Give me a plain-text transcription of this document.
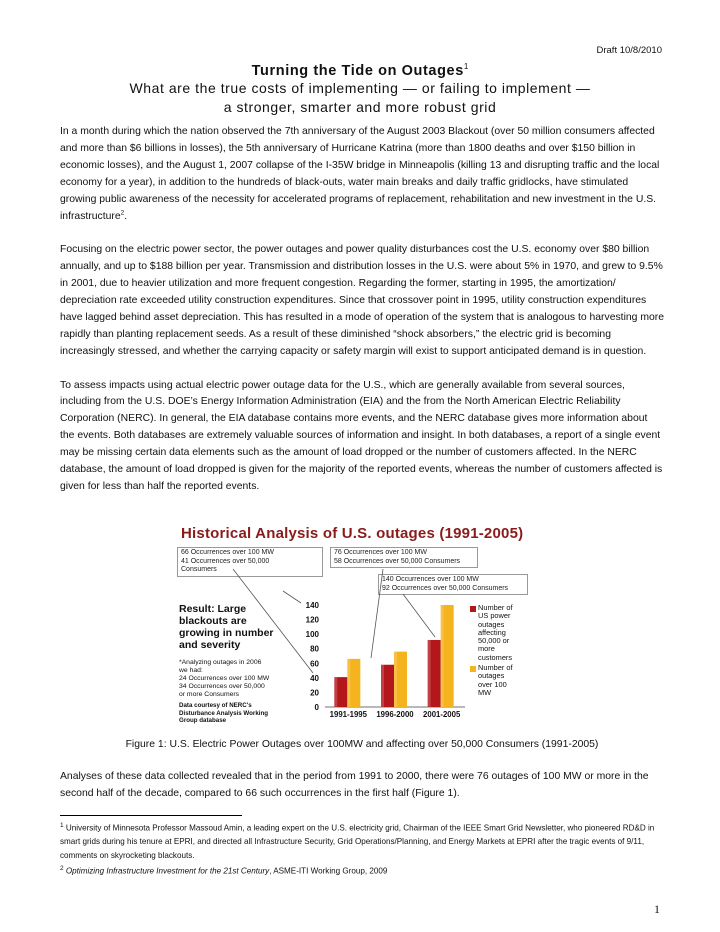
Draft 10/8/2010
Turning the Tide on Outages$^1$
What are the true costs of implementing — or failing to implement —
a stronger, smarter and more robust grid

In a month during which the nation observed the 7th anniversary of the August 2003 Blackout (over 50 million consumers affected and more than $6 billions in losses), the 5th anniversary of Hurricane Katrina (more than 1800 deaths and over $150 billion in economic losses), and the August 1, 2007 collapse of the I-35W bridge in Minneapolis (killing 13 and disrupting traffic and the local economy for a year), in addition to the hundreds of black-outs, water main breaks and daily traffic gridlocks, have stimulated growing public awareness of the necessity for accelerated programs of replacement, rehabilitation and new investment in the U.S. infrastructure$^2$.

Focusing on the electric power sector, the power outages and power quality disturbances cost the U.S. economy over $80 billion annually, and up to $188 billion per year. Transmission and distribution losses in the U.S. were about 5% in 1970, and grew to 9.5% in 2001, due to heavier utilization and more frequent congestion. Regarding the former, starting in 1995, the amortization/ depreciation rate exceeded utility construction expenditures. Since that crossover point in 1995, utility construction expenditures have lagged behind asset depreciation. This has resulted in a mode of operation of the system that is analogous to harvesting more rapidly than planting replacement seeds. As a result of these diminished “shock absorbers,” the electric grid is becoming increasingly stressed, and whether the carrying capacity or safety margin will exist to support anticipated demand is in question.

To assess impacts using actual electric power outage data for the U.S., which are generally available from several sources, including from the U.S. DOE’s Energy Information Administration (EIA) and the from the North American Electric Reliability Corporation (NERC). In general, the EIA database contains more events, and the NERC database gives more information about the events. Both databases are extremely valuable sources of information and insight. In both databases, a report of a single event may be missing certain data elements such as the amount of load dropped or the number of customers affected. In the NERC database, the amount of load dropped is given for the majority of the reported events, whereas the number of customers affected is given for less than half the reported events.

Historical Analysis of U.S. outages (1991-2005)
66 Occurrences over 100 MW
41 Occurrences over 50,000
Consumers
76 Occurrences over 100 MW
58 Occurrences over 50,000 Consumers
140 Occurrences over 100 MW
92 Occurrences over 50,000 Consumers
Result: Large
blackouts are
growing in number
and severity
*Analyzing outages in 2006
we had:
24 Occurrences over 100 MW
34 Occurrences over 50,000
or more Consumers
Data courtesy of NERC's
Disturbance Analysis Working
Group database
0
20
40
60
80
100
120
140
1991-1995 1996-2000 2001-2005
Number of
US power
outages
affecting
50,000 or
more
customers
Number of
outages
over 100
MW
Figure 1: U.S. Electric Power Outages over 100MW and affecting over 50,000 Consumers (1991-2005)
Analyses of these data collected revealed that in the period from 1991 to 2000, there were 76 outages of 100 MW or more in the second half of the decade, compared to 66 such occurrences in the first half (Figure 1).
$^1$ University of Minnesota Professor Massoud Amin, a leading expert on the U.S. electricity grid, Chairman of the IEEE Smart Grid Newsletter, who pioneered RD&D in smart grids during his tenure at EPRI, and directed all Infrastructure Security, Grid Operations/Planning, and Energy Markets at EPRI after the tragic events of 9/11, comments on skyrocketing blackouts.
$^2$ Optimizing Infrastructure Investment for the 21st Century, ASME-ITI Working Group, 2009
1
